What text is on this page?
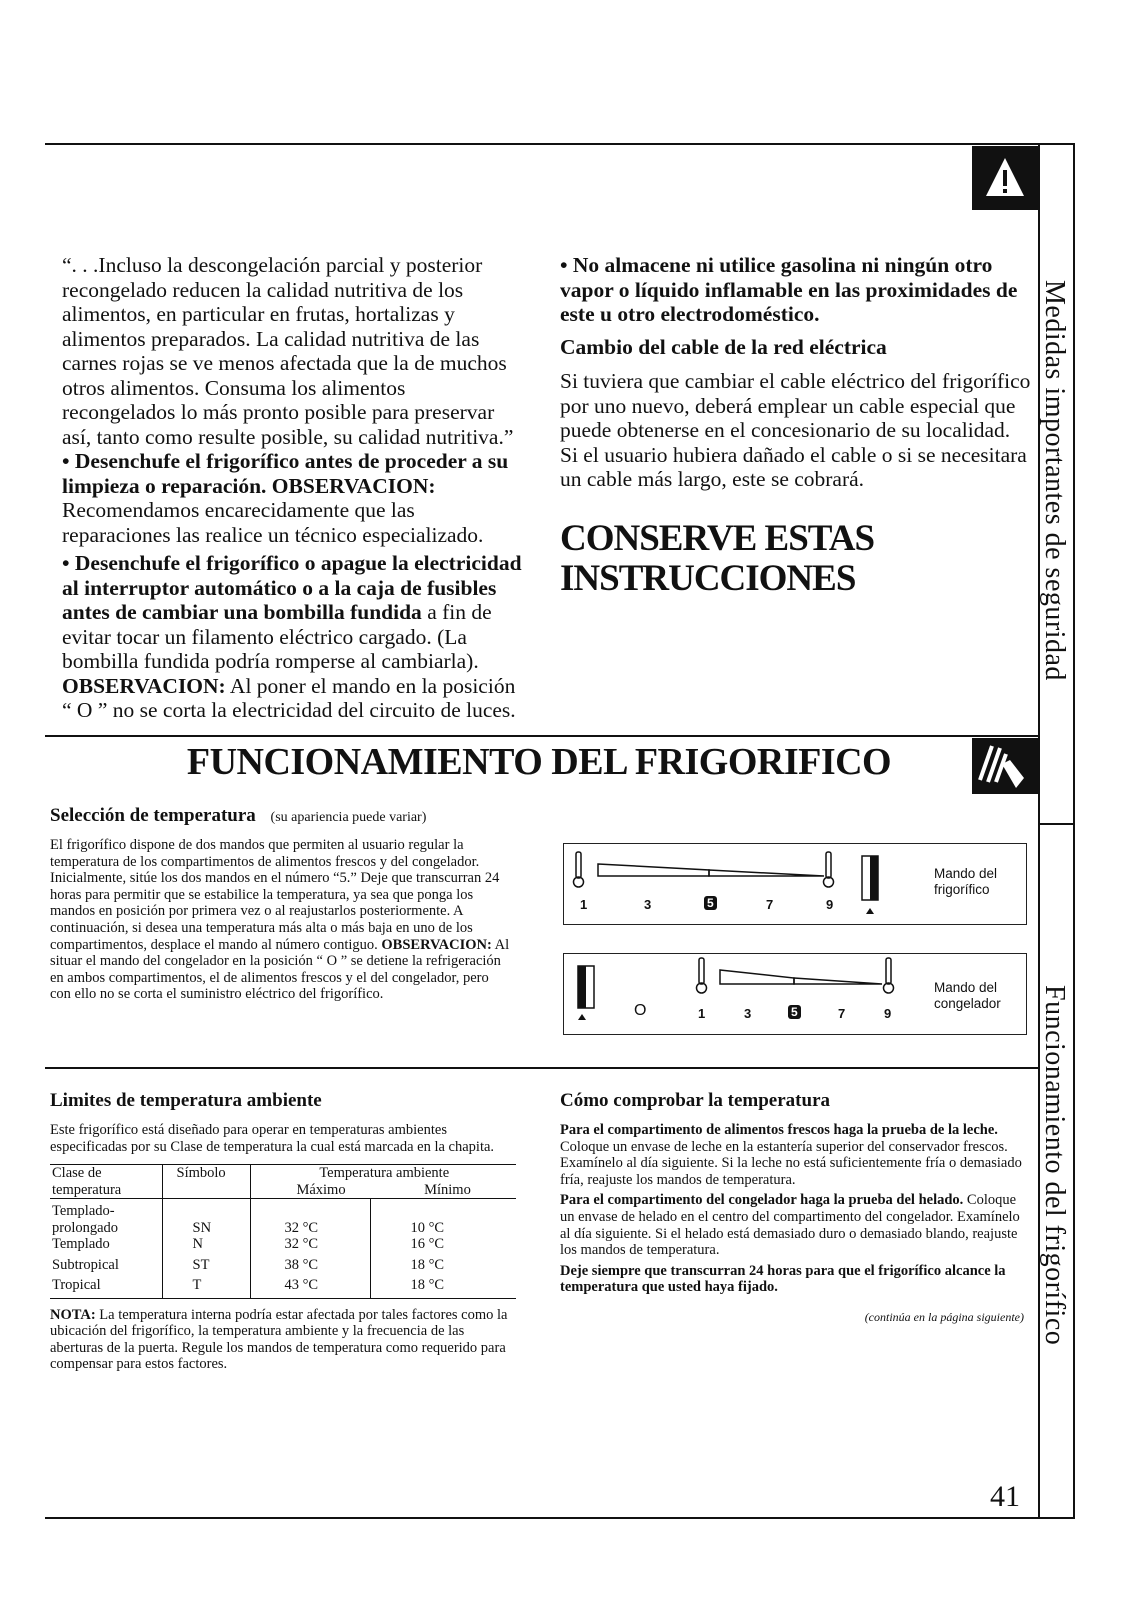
Medidas importantes de seguridad
Funcionamiento del frigorífico

“. . .Incluso la descongelación parcial y posterior recongelado reducen la calidad nutritiva de los alimentos, en particular en frutas, hortalizas y alimentos preparados. La calidad nutritiva de las carnes rojas se ve menos afectada que la de muchos otros alimentos. Consuma los alimentos recongelados lo más pronto posible para preservar así, tanto como resulte posible, su calidad nutritiva.”

• Desenchufe el frigorífico antes de proceder a su limpieza o reparación. OBSERVACION: Recomendamos encarecidamente que las reparaciones las realice un técnico especializado.

• Desenchufe el frigorífico o apague la electricidad al interruptor automático o a la caja de fusibles antes de cambiar una bombilla fundida a fin de evitar tocar un filamento eléctrico cargado. (La bombilla fundida podría romperse al cambiarla). OBSERVACION: Al poner el mando en la posición “ O ” no se corta la electricidad del circuito de luces.

• No almacene ni utilice gasolina ni ningún otro vapor o líquido inflamable en las proximidades de este u otro electrodoméstico.

Cambio del cable de la red eléctrica

Si tuviera que cambiar el cable eléctrico del frigorífico por uno nuevo, deberá emplear un cable especial que puede obtenerse en el concesionario de su localidad. Si el usuario hubiera dañado el cable o si se necesitara un cable más largo, este se cobrará.

CONSERVE ESTAS

INSTRUCCIONES

FUNCIONAMIENTO DEL FRIGORIFICO
Selección de temperatura (su apariencia puede variar)

El frigorífico dispone de dos mandos que permiten al usuario regular la temperatura de los compartimentos de alimentos frescos y del congelador. Inicialmente, sitúe los dos mandos en el número “5.” Deje que transcurran 24 horas para permitir que se estabilice la temperatura, ya sea que ponga los mandos en posición por primera vez o al reajustarlos posteriormente. A continuación, si desea una temperatura más alta o más baja en uno de los compartimentos, desplace el mando al número contiguo. OBSERVACION: Al situar el mando del congelador en la posición “ O ” se detiene la refrigeración en ambos compartimentos, el de alimentos frescos y el del congelador, pero con ello no se corta el suministro eléctrico del frigorífico.

1	3	5	7	9
Mando del
frigorífico
O	1	3	5	7	9
Mando del
congelador

Limites de temperatura ambiente

Este frigorífico está diseñado para operar en temperaturas ambientes especificadas por su Clase de temperatura la cual está marcada en la chapita.

Clase de
temperatura	Símbolo	Temperatura ambiente
Máximo Mínimo	

Templado-
prolongado	SN	32 °C	10 °C
Templado	N	32 °C	16 °C
Subtropical	ST	38 °C	18 °C
Tropical	T	43 °C	18 °C

NOTA: La temperatura interna podría estar afectada por tales factores como la ubicación del frigorífico, la temperatura ambiente y la frecuencia de las aberturas de la puerta. Regule los mandos de temperatura como requerido para compensar para estos factores.

Cómo comprobar la temperatura

Para el compartimento de alimentos frescos haga la prueba de la leche. Coloque un envase de leche en la estantería superior del conservador frescos. Examínelo al día siguiente. Si la leche no está suficientemente fría o demasiado fría, reajuste los mandos de temperatura.

Para el compartimento del congelador haga la prueba del helado. Coloque un envase de helado en el centro del compartimento del congelador. Examínelo al día siguiente. Si el helado está demasiado duro o demasiado blando, reajuste los mandos de temperatura.

Deje siempre que transcurran 24 horas para que el frigorífico alcance la temperatura que usted haya fijado.

(continúa en la página siguiente)

41
